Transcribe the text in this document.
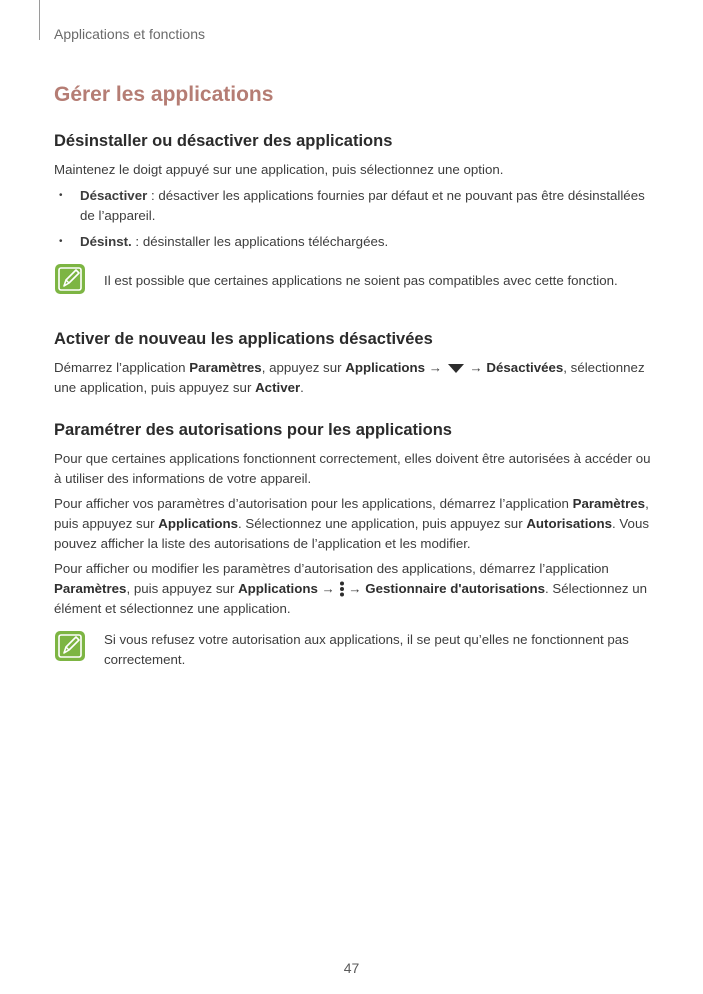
Applications et fonctions
Gérer les applications
Désinstaller ou désactiver des applications

Maintenez le doigt appuyé sur une application, puis sélectionnez une option.

• Désactiver : désactiver les applications fournies par défaut et ne pouvant pas être désinstallées de l’appareil.
• Désinst. : désinstaller les applications téléchargées.
Il est possible que certaines applications ne soient pas compatibles avec cette fonction.
Activer de nouveau les applications désactivées

Démarrez l’application Paramètres, appuyez sur Applications →  → Désactivées, sélectionnez une application, puis appuyez sur Activer.

Paramétrer des autorisations pour les applications

Pour que certaines applications fonctionnent correctement, elles doivent être autorisées à accéder ou à utiliser des informations de votre appareil.

Pour afficher vos paramètres d’autorisation pour les applications, démarrez l’application Paramètres, puis appuyez sur Applications. Sélectionnez une application, puis appuyez sur Autorisations. Vous pouvez afficher la liste des autorisations de l’application et les modifier.

Pour afficher ou modifier les paramètres d’autorisation des applications, démarrez l’application Paramètres, puis appuyez sur Applications →  → Gestionnaire d'autorisations. Sélectionnez un élément et sélectionnez une application.

Si vous refusez votre autorisation aux applications, il se peut qu’elles ne fonctionnent pas correctement.
47
